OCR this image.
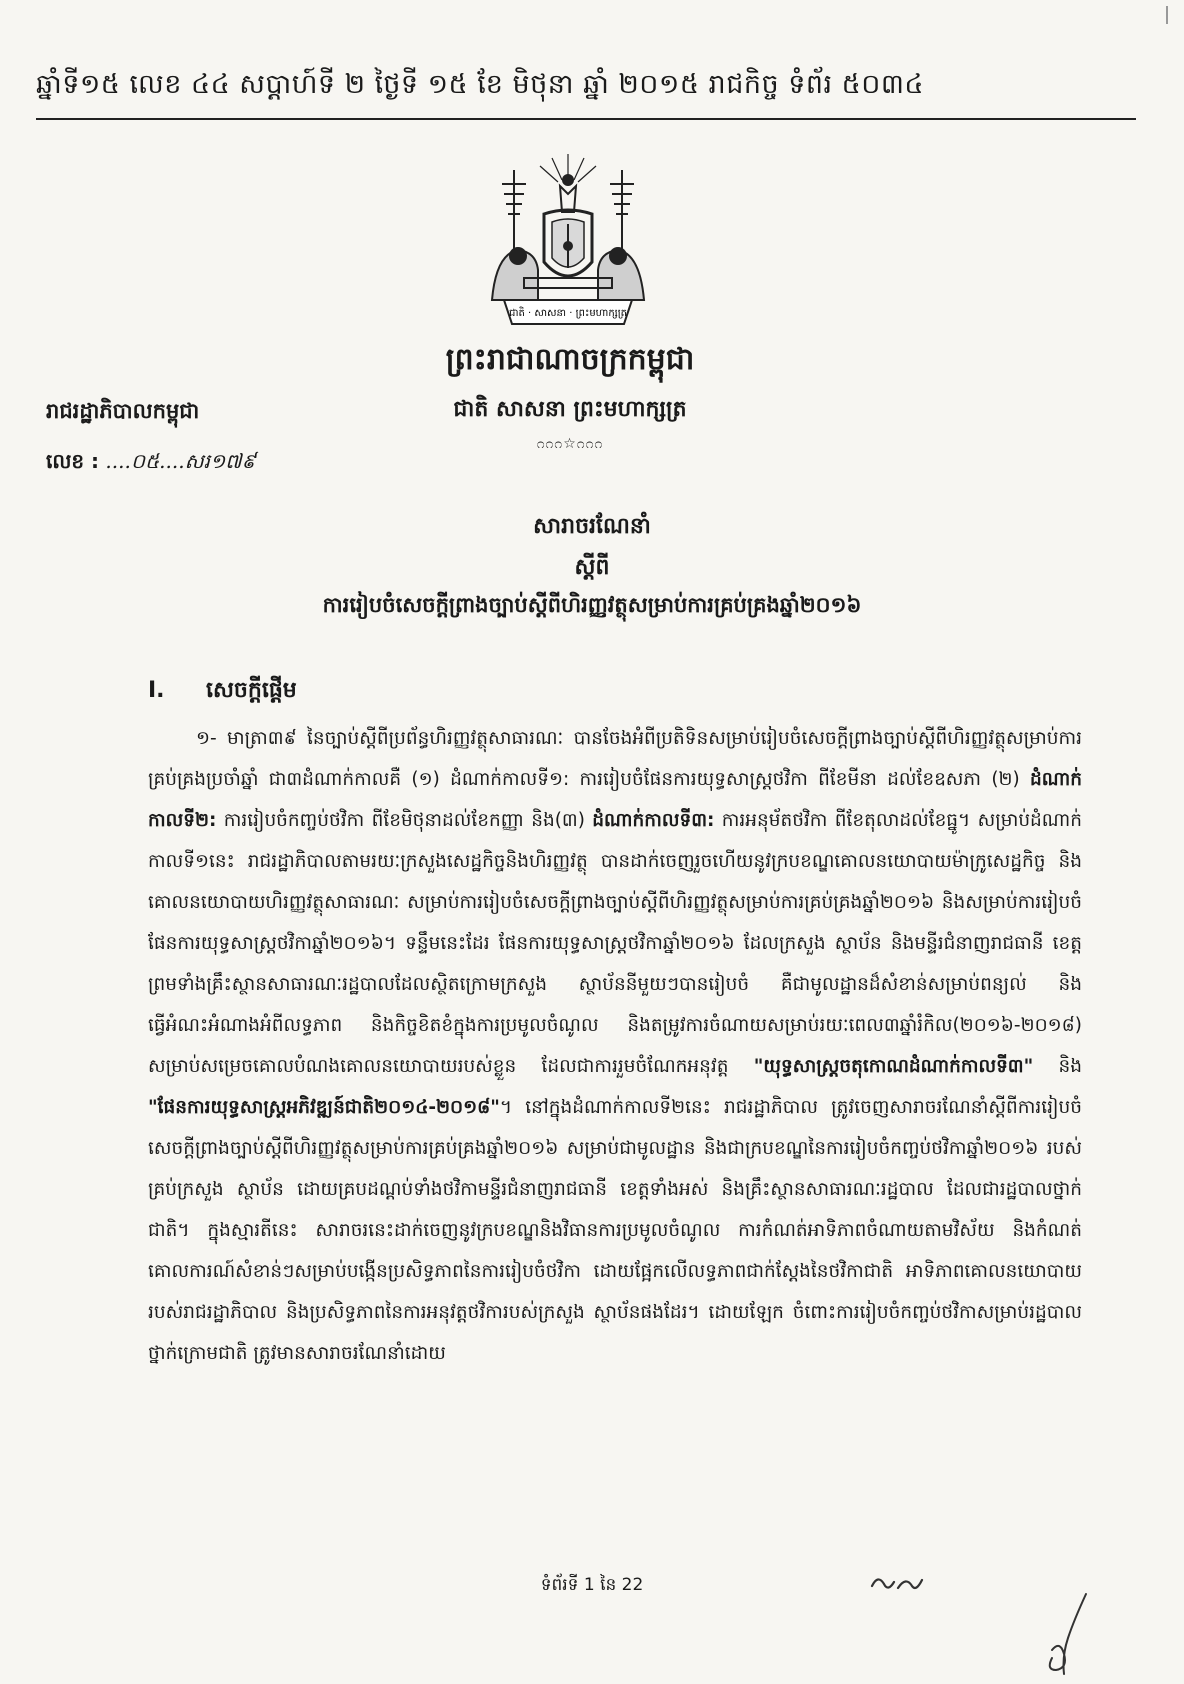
ឆ្នាំទី១៥ លេខ ៤៤ សប្តាហ៍ទី ២ ថ្ងៃទី ១៥ ខែ មិថុនា ឆ្នាំ ២០១៥ រាជកិច្ច ទំព័រ ៥០៣៤
ជាតិ · សាសនា · ព្រះមហាក្សត្រ
ព្រះរាជាណាចក្រកម្ពុជា
ជាតិ សាសនា ព្រះមហាក្សត្រ
೧೧೧☆೧೧೧
រាជរដ្ឋាភិបាលកម្ពុជា
លេខ : ....០៥....សរ១៧៩
សារាចរណែនាំ
ស្តីពី
ការរៀបចំសេចក្តីព្រាងច្បាប់ស្តីពីហិរញ្ញវត្ថុសម្រាប់ការគ្រប់គ្រងឆ្នាំ២០១៦
I. សេចក្តីផ្តើម
១- មាត្រា៣៩ នៃច្បាប់ស្តីពីប្រព័ន្ធហិរញ្ញវត្ថុសាធារណៈ បានចែងអំពីប្រតិទិនសម្រាប់រៀបចំសេចក្តីព្រាងច្បាប់ស្តីពីហិរញ្ញវត្ថុសម្រាប់ការគ្រប់គ្រងប្រចាំឆ្នាំ ជា៣ដំណាក់កាលគឺ (១) ដំណាក់កាលទី១: ការរៀបចំផែនការយុទ្ធសាស្ត្រថវិកា ពីខែមីនា ដល់ខែឧសភា (២) ដំណាក់កាលទី២: ការរៀបចំកញ្ចប់ថវិកា ពីខែមិថុនាដល់ខែកញ្ញា និង(៣) ដំណាក់កាលទី៣: ការអនុម័តថវិកា ពីខែតុលាដល់ខែធ្នូ។ សម្រាប់ដំណាក់កាលទី១នេះ រាជរដ្ឋាភិបាលតាមរយៈក្រសួងសេដ្ឋកិច្ចនិងហិរញ្ញវត្ថុ បានដាក់ចេញរួចហើយនូវក្របខណ្ឌគោលនយោបាយម៉ាក្រូសេដ្ឋកិច្ច និង គោលនយោបាយហិរញ្ញវត្ថុសាធារណៈ សម្រាប់ការរៀបចំសេចក្តីព្រាងច្បាប់ស្តីពីហិរញ្ញវត្ថុសម្រាប់ការគ្រប់គ្រងឆ្នាំ២០១៦ និងសម្រាប់ការរៀបចំផែនការយុទ្ធសាស្ត្រថវិកាឆ្នាំ២០១៦។ ទន្ទឹមនេះដែរ ផែនការយុទ្ធសាស្ត្រថវិកាឆ្នាំ២០១៦ ដែលក្រសួង ស្ថាប័ន និងមន្ទីរជំនាញរាជធានី ខេត្ត ព្រមទាំងគ្រឹះស្ថានសាធារណៈរដ្ឋបាលដែលស្ថិតក្រោមក្រសួង ស្ថាប័ននីមួយៗបានរៀបចំ គឺជាមូលដ្ឋានដ៏សំខាន់សម្រាប់ពន្យល់ និងធ្វើអំណះអំណាងអំពីលទ្ធភាព និងកិច្ចខិតខំក្នុងការប្រមូលចំណូល និងតម្រូវការចំណាយសម្រាប់រយៈពេល៣ឆ្នាំរំកិល(២០១៦-២០១៨) សម្រាប់សម្រេចគោលបំណងគោលនយោបាយរបស់ខ្លួន ដែលជាការរួមចំណែកអនុវត្ត "យុទ្ធសាស្ត្រចតុកោណដំណាក់កាលទី៣" និង "ផែនការយុទ្ធសាស្ត្រអភិវឌ្ឍន៍ជាតិ២០១៤-២០១៨"។ នៅក្នុងដំណាក់កាលទី២នេះ រាជរដ្ឋាភិបាល ត្រូវចេញសារាចរណែនាំស្តីពីការរៀបចំសេចក្តីព្រាងច្បាប់ស្តីពីហិរញ្ញវត្ថុសម្រាប់ការគ្រប់គ្រងឆ្នាំ២០១៦ សម្រាប់ជាមូលដ្ឋាន និងជាក្របខណ្ឌនៃការរៀបចំកញ្ចប់ថវិកាឆ្នាំ២០១៦ របស់គ្រប់ក្រសួង ស្ថាប័ន ដោយគ្របដណ្តប់ទាំងថវិកាមន្ទីរជំនាញរាជធានី ខេត្តទាំងអស់ និងគ្រឹះស្ថានសាធារណៈរដ្ឋបាល ដែលជារដ្ឋបាលថ្នាក់ជាតិ។ ក្នុងស្មារតីនេះ សារាចរនេះដាក់ចេញនូវក្របខណ្ឌនិងវិធានការប្រមូលចំណូល ការកំណត់អាទិភាពចំណាយតាមវិស័យ និងកំណត់គោលការណ៍សំខាន់ៗសម្រាប់បង្កើនប្រសិទ្ធភាពនៃការរៀបចំថវិកា ដោយផ្អែកលើលទ្ធភាពជាក់ស្តែងនៃថវិកាជាតិ អាទិភាពគោលនយោបាយរបស់រាជរដ្ឋាភិបាល និងប្រសិទ្ធភាពនៃការអនុវត្តថវិការបស់ក្រសួង ស្ថាប័នផងដែរ។ ដោយឡែក ចំពោះការរៀបចំកញ្ចប់ថវិកាសម្រាប់រដ្ឋបាលថ្នាក់ក្រោមជាតិ ត្រូវមានសារាចរណែនាំដោយ
ទំព័រទី 1 នៃ 22
